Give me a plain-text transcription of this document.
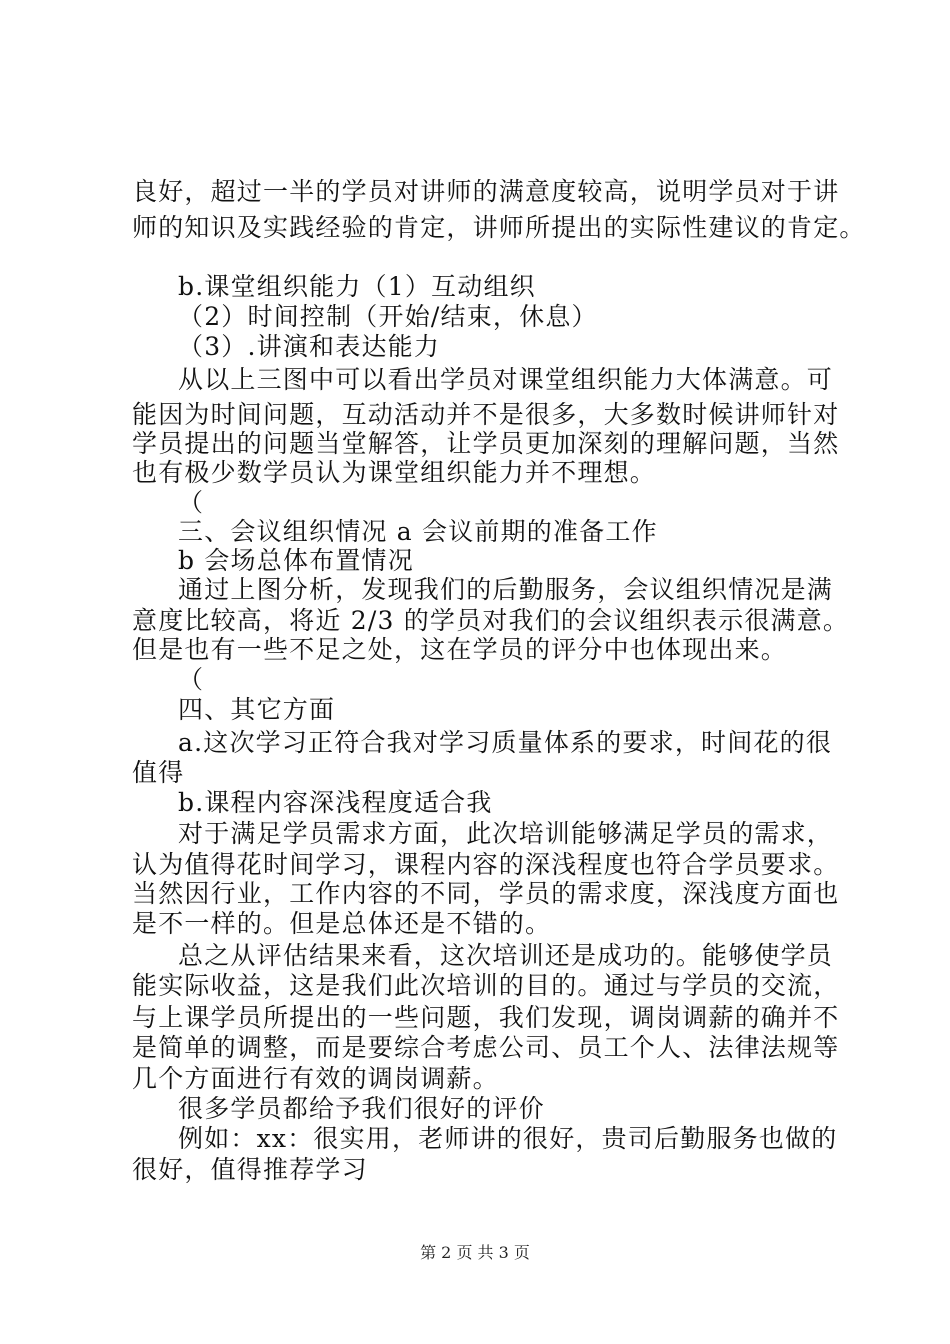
良好，超过一半的学员对讲师的满意度较高，说明学员对于讲
师的知识及实践经验的肯定，讲师所提出的实际性建议的肯定。
b.课堂组织能力（1）互动组织
（2）时间控制（开始/结束，休息）
（3）.讲演和表达能力
从以上三图中可以看出学员对课堂组织能力大体满意。可
能因为时间问题，互动活动并不是很多，大多数时候讲师针对
学员提出的问题当堂解答，让学员更加深刻的理解问题，当然
也有极少数学员认为课堂组织能力并不理想。
（
三、会议组织情况 a 会议前期的准备工作
b 会场总体布置情况
通过上图分析，发现我们的后勤服务，会议组织情况是满
意度比较高，将近 2/3 的学员对我们的会议组织表示很满意。
但是也有一些不足之处，这在学员的评分中也体现出来。
（
四、其它方面
a.这次学习正符合我对学习质量体系的要求，时间花的很
值得
b.课程内容深浅程度适合我
对于满足学员需求方面，此次培训能够满足学员的需求，
认为值得花时间学习，课程内容的深浅程度也符合学员要求。
当然因行业，工作内容的不同，学员的需求度，深浅度方面也
是不一样的。但是总体还是不错的。
总之从评估结果来看，这次培训还是成功的。能够使学员
能实际收益，这是我们此次培训的目的。通过与学员的交流，
与上课学员所提出的一些问题，我们发现，调岗调薪的确并不
是简单的调整，而是要综合考虑公司、员工个人、法律法规等
几个方面进行有效的调岗调薪。
很多学员都给予我们很好的评价
例如：xx：很实用，老师讲的很好，贵司后勤服务也做的
很好，值得推荐学习
第 2 页 共 3 页
